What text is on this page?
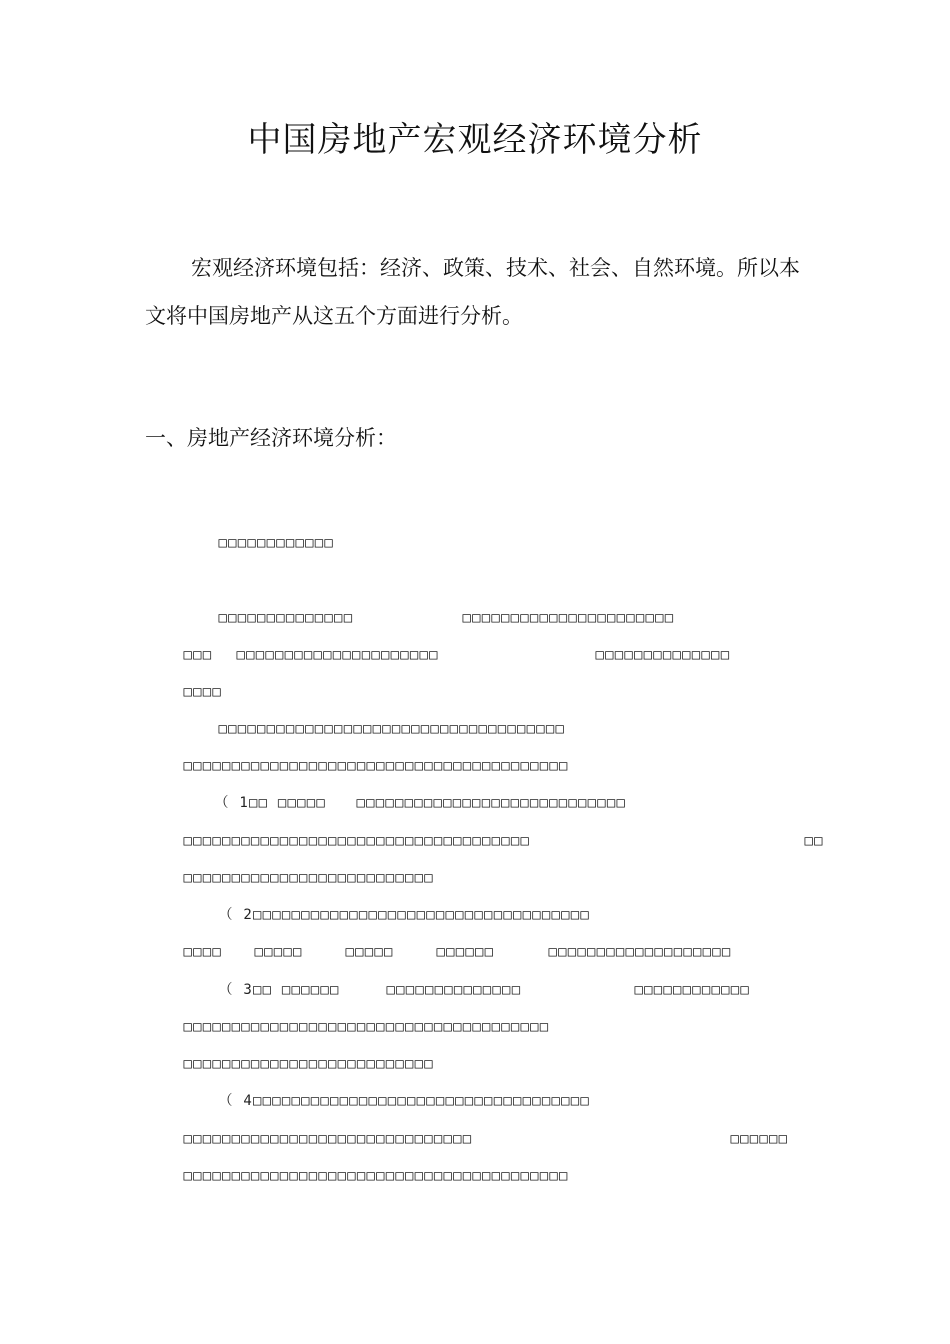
中国房地产宏观经济环境分析

宏观经济环境包括：经济、政策、技术、社会、自然环境。所以本文将中国房地产从这五个方面进行分析。

一、房地产经济环境分析：

□□□□□□□□□□□□

□□□□□□□□□□□□□□
	□□□□□□□□□□□□□□□□□□□□□□

□□□
	□□□□□□□□□□□□□□□□□□□□□
	□□□□□□□□□□□□□□

□□□□

□□□□□□□□□□□□□□□□□□□□□□□□□□□□□□□□□□□□

□□□□□□□□□□□□□□□□□□□□□□□□□□□□□□□□□□□□□□□□

（ 1□□ □□□□□
	□□□□□□□□□□□□□□□□□□□□□□□□□□□□

□□□□□□□□□□□□□□□□□□□□□□□□□□□□□□□□□□□□
	□□

□□□□□□□□□□□□□□□□□□□□□□□□□□

（ 2□□□□□□□□□□□□□□□□□□□□□□□□□□□□□□□□□□□

□□□□
	□□□□□
	□□□□□
	□□□□□□
	□□□□□□□□□□□□□□□□□□□

（ 3□□ □□□□□□
	□□□□□□□□□□□□□□
	□□□□□□□□□□□□

□□□□□□□□□□□□□□□□□□□□□□□□□□□□□□□□□□□□□□

□□□□□□□□□□□□□□□□□□□□□□□□□□

（ 4□□□□□□□□□□□□□□□□□□□□□□□□□□□□□□□□□□□

□□□□□□□□□□□□□□□□□□□□□□□□□□□□□□
	□□□□□□

□□□□□□□□□□□□□□□□□□□□□□□□□□□□□□□□□□□□□□□□
